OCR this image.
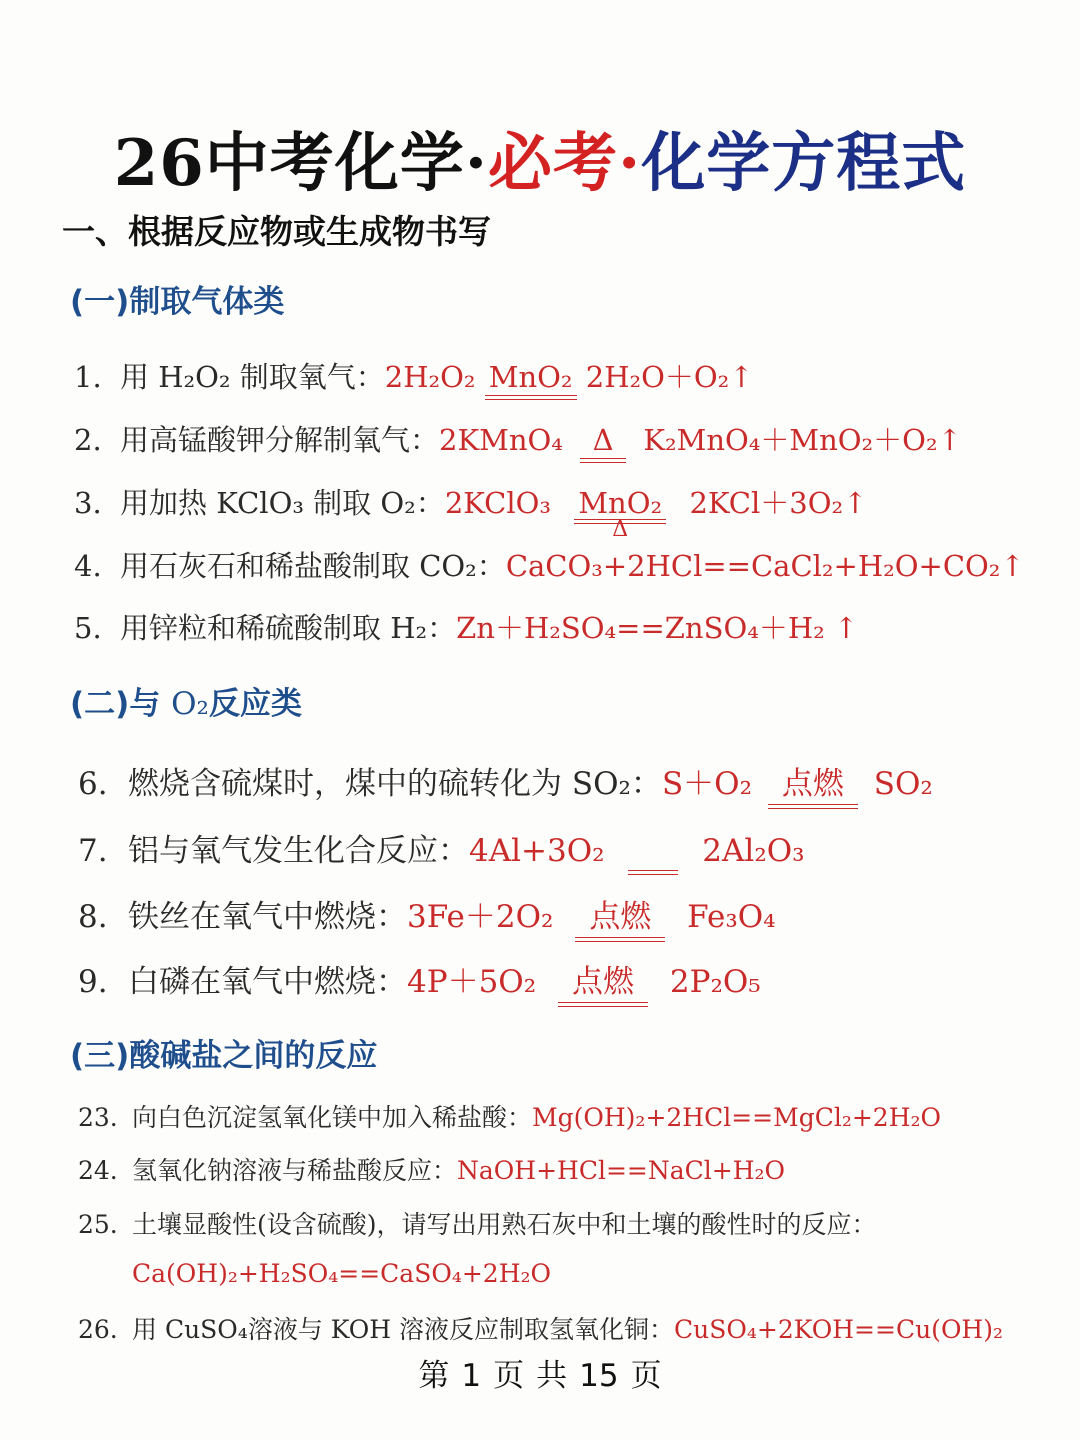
26中考化学·必考·化学方程式
一、根据反应物或生成物书写
(一)制取气体类
1. 用 H₂O₂ 制取氧气：2H₂O₂ MnO₂ 2H₂O＋O₂↑
2. 用高锰酸钾分解制氧气：2KMnO₄ Δ K₂MnO₄＋MnO₂＋O₂↑
3. 用加热 KClO₃ 制取 O₂：2KClO₃ MnO₂
Δ
2KCl＋3O₂↑
4. 用石灰石和稀盐酸制取 CO₂：CaCO₃+2HCl==CaCl₂+H₂O+CO₂↑
5. 用锌粒和稀硫酸制取 H₂：Zn＋H₂SO₄==ZnSO₄＋H₂ ↑
(二)与 O₂反应类
6. 燃烧含硫煤时，煤中的硫转化为 SO₂：S＋O₂ 点燃 SO₂
7. 铝与氧气发生化合反应：4Al+3O₂	2Al₂O₃
8. 铁丝在氧气中燃烧：3Fe＋2O₂ 点燃 Fe₃O₄
9. 白磷在氧气中燃烧：4P＋5O₂ 点燃 2P₂O₅
(三)酸碱盐之间的反应
23. 向白色沉淀氢氧化镁中加入稀盐酸：Mg(OH)₂+2HCl==MgCl₂+2H₂O
24. 氢氧化钠溶液与稀盐酸反应：NaOH+HCl==NaCl+H₂O
25. 土壤显酸性(设含硫酸)，请写出用熟石灰中和土壤的酸性时的反应：
Ca(OH)₂+H₂SO₄==CaSO₄+2H₂O
26. 用 CuSO₄溶液与 KOH 溶液反应制取氢氧化铜：CuSO₄+2KOH==Cu(OH)₂
第 1 页 共 15 页
